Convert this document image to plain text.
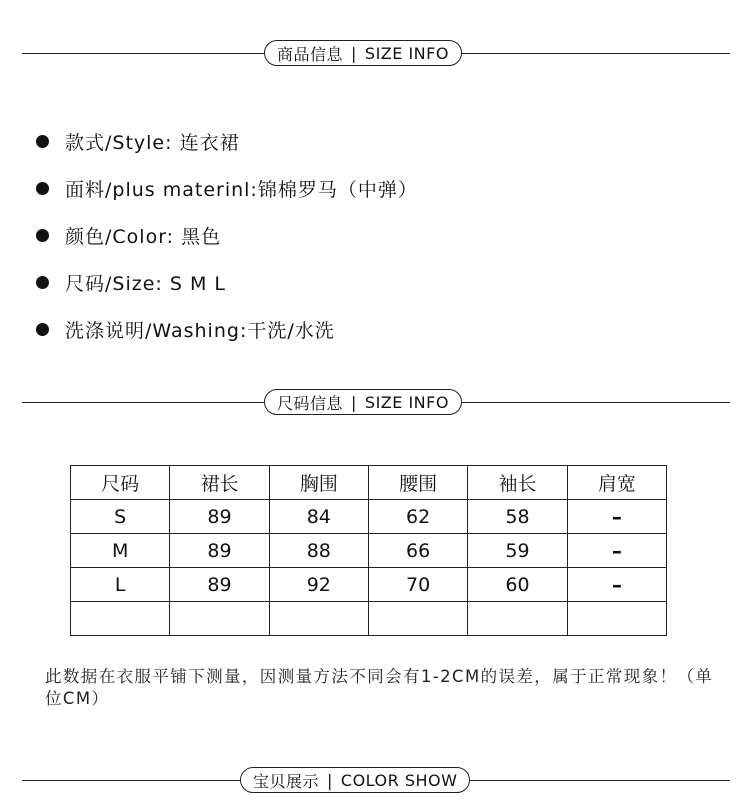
商品信息 | SIZE INFO
款式/Style: 连衣裙
面料/plus materinl:锦棉罗马（中弹）
颜色/Color: 黑色
尺码/Size: S M L
洗涤说明/Washing:干洗/水洗
尺码信息 | SIZE INFO
尺码	裙长	胸围	腰围	袖长	肩宽
S	89	84	62	58	–
M	89	88	66	59	–
L	89	92	70	60	–

此数据在衣服平铺下测量，因测量方法不同会有1-2CM的误差，属于正常现象！（单位CM）
宝贝展示 | COLOR SHOW
